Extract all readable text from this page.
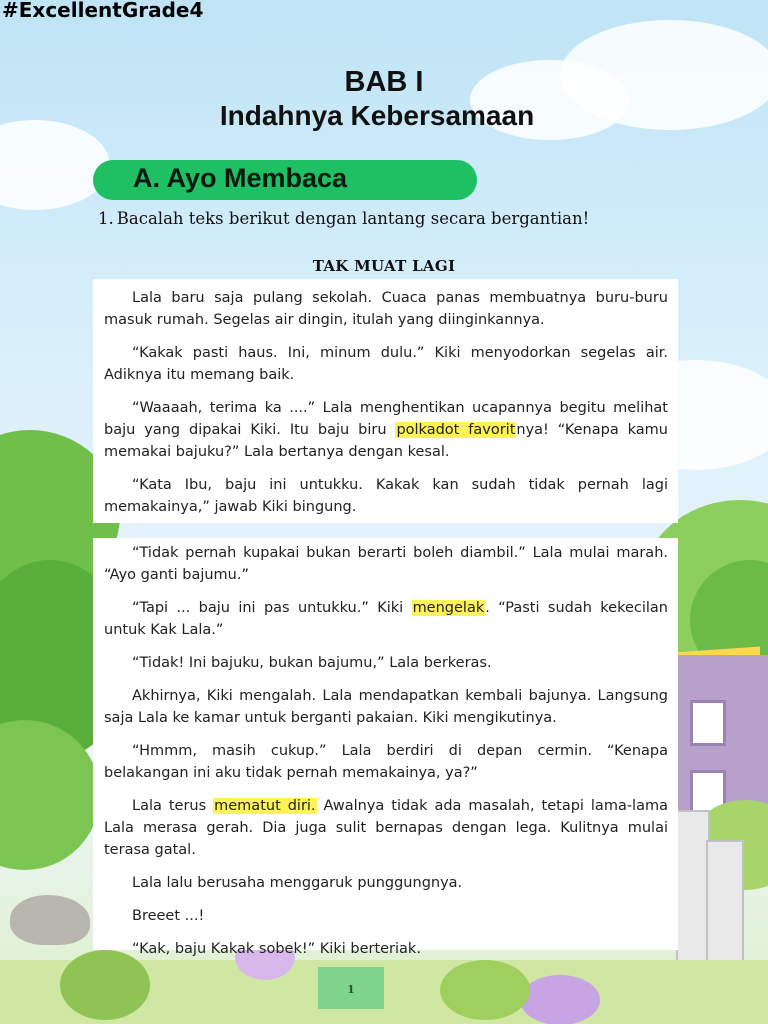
#ExcellentGrade4
BAB I
Indahnya Kebersamaan
A. Ayo Membaca
1. Bacalah teks berikut dengan lantang secara bergantian!
TAK MUAT LAGI

Lala baru saja pulang sekolah. Cuaca panas membuatnya buru-buru masuk rumah. Segelas air dingin, itulah yang diinginkannya.

“Kakak pasti haus. Ini, minum dulu.” Kiki menyodorkan segelas air. Adiknya itu memang baik.

“Waaaah, terima ka ....” Lala menghentikan ucapannya begitu melihat baju yang dipakai Kiki. Itu baju biru polkadot favoritnya! “Kenapa kamu memakai bajuku?” Lala bertanya dengan kesal.

“Kata Ibu, baju ini untukku. Kakak kan sudah tidak pernah lagi memakainya,” jawab Kiki bingung.

“Tidak pernah kupakai bukan berarti boleh diambil.” Lala mulai marah. “Ayo ganti bajumu.”

“Tapi ... baju ini pas untukku.” Kiki mengelak. “Pasti sudah kekecilan untuk Kak Lala.”

“Tidak! Ini bajuku, bukan bajumu,” Lala berkeras.

Akhirnya, Kiki mengalah. Lala mendapatkan kembali bajunya. Langsung saja Lala ke kamar untuk berganti pakaian. Kiki mengikutinya.

“Hmmm, masih cukup.” Lala berdiri di depan cermin. “Kenapa belakangan ini aku tidak pernah memakainya, ya?”

Lala terus mematut diri. Awalnya tidak ada masalah, tetapi lama-lama Lala merasa gerah. Dia juga sulit bernapas dengan lega. Kulitnya mulai terasa gatal.

Lala lalu berusaha menggaruk punggungnya.

Breeet ...!

“Kak, baju Kakak sobek!” Kiki berteriak.

1
